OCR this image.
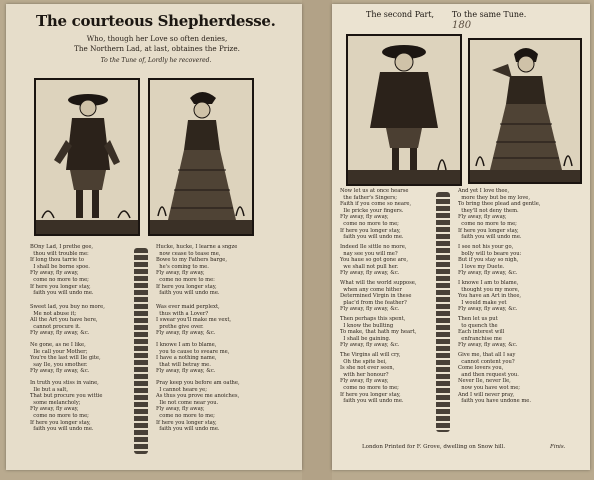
The courteous Shepherdesse.
Who, though her Love so often denies,
The Northern Lad, at last, obtaines the Prize.
To the Tune of, Lordly he recovered.
BOny Lad, I prethe gee,
thou wilt trouble me:
If long thou tarrie to
I shall be borne spoe.
Fly away, fly away,
come no more to me;
If here you longer stay,
faith you will undo me.
Sweet lad, you buy no more,
Me not abuse it;
All the Art you have here,
cannot procure it.
Fly away, fly away, &c.
Ne gone, as ne I like,
Ile call your Mother;
You're the last will Ile gite,
say Ile, you smother.
Fly away, fly away, &c.
In truth you stiss in vaine,
Ile but a salt,
That but procure you wittie
some melancholy;
Fly away, fly away,
come no more to me;
If here you longer stay,
faith you will undo me.
Hucke, hucke, I learne a sngze
now cease to tease me,
Bowe to my Fathers barge,
he's coming to me.
Fly away, fly away,
come no more to me:
If here you longer stay,
faith you will undo me.
Was ever maid perplext,
thus with a Lover?
I swear you'll make me vext,
prethe give over.
Fly away, fly away, &c.
I knowe I am to blame,
you to cause to sveare me,
I have a nothing name,
that will betray me.
Fly away, fly away, &c.
Pray keep you before am oathe,
I cannot heare ye;
As thus you prove me anoiches,
Ile not come near you.
Fly away, fly away,
come no more to me;
If here you longer stay,
faith you will undo me.
The second Part,       To the same Tune.
180
Now let us at once hearse
the father's Singers;
Faith if you come so neare,
Ile pricke your fingers.
Fly away, fly away,
come no more to me;
If here you longer stay,
faith you will undo me.
Indeed Ile sittle no more,
nay see you will me?
You haue so got gone are,
we shall not pull her.
Fly away, fly away, &c.
What will the world suppose,
when any come hither
Determined Virgin in these
plac'd from the feather?
Fly away, fly away, &c.
Then perhaps this spent,
I know the bullting
To make, that hath my heart,
I shall be gaining.
Fly away, fly away, &c.
The Virgins all will cry,
Oh the spite bei,
Is she not ever seen,
with her honour?
Fly away, fly away,
come no more to me;
If here you longer stay,
faith you will undo me.
And yet I love thee,
more they but be my love,
To bring thee plead and gentle,
they'll not deny them.
Fly away, fly away,
come no more to me;
If here you longer stay,
faith you will undo me.
I see not his your go,
bolly will to beare you:
But if you stay so nigh,
I love my Duete.
Fly away, fly away, &c.
I knowe I am to blame,
thought you my more,
You have an Art in thee,
I would make yet
Fly away, fly away, &c.
Then let us put
to quench the
Each interest will
enfranchise me
Fly away, fly away, &c.
Give me, that all I say
cannot content you?
Come lovers you,
and then request you.
Never Ile, never Ile,
now you have wot me;
And I will never pray,
faith you have undone me.
London Printed for F. Grove, dwelling on Snow hill.	Finis.
